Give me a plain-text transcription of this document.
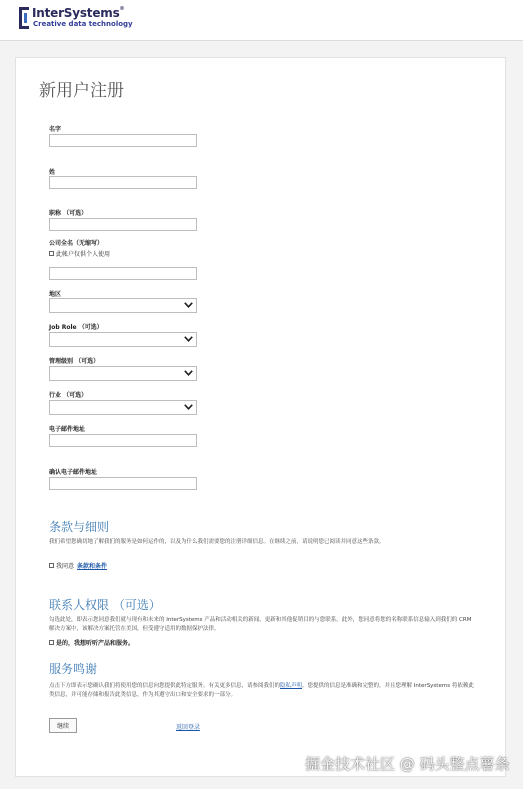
InterSystems®
Creative data technology
新用户注册
名字
姓
职称 （可选）
公司全名（无缩写）
此帐户仅供个人使用
地区
Job Role （可选）
管理级别 （可选）
行业 （可选）
电子邮件地址
确认电子邮件地址
条款与细则
我们希望您确切地了解我们的服务是如何运作的，以及为什么我们需要您的注册详细信息。在继续之前，请说明您已阅读并同意这些条款。
我同意 条款和条件
联系人权限 （可选）
勾选此处，即表示您同意我们就与现有和未来的 InterSystems 产品和活动相关的新闻、更新和其他促销目的与您联系。此外，您同意将您的名称联系信息输入到我们的 CRM 解决方案中，该解决方案托管在美国，但受遵守适用的数据保护法律。
是的，我想听听产品和服务。
服务鸣谢
点击下方即表示您确认我们将使用您的信息向您提供此特定服务。有关更多信息，请参阅我们的隐私声明。您提供的信息是准确和完整的，并且您理解 InterSystems 将依赖此类信息，并可能存储和报告此类信息，作为其遵守出口和安全要求的一部分。
继续	返回登录
掘金技术社区 @ 码头整点薯条
